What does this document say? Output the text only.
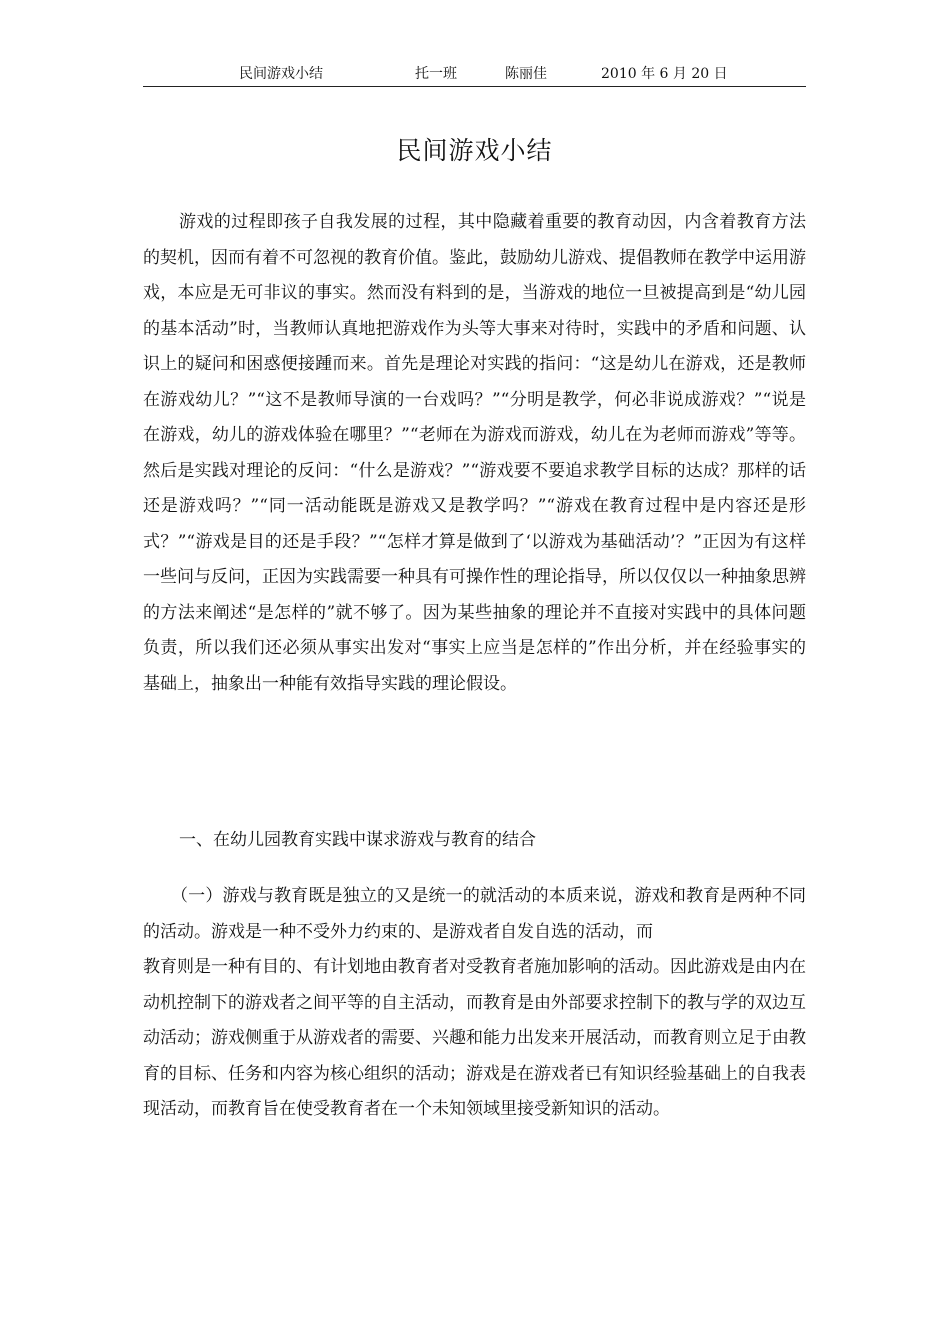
民间游戏小结	托一班	陈丽佳	2010 年 6 月 20 日
民间游戏小结

游戏的过程即孩子自我发展的过程，其中隐藏着重要的教育动因，内含着教育方法的契机，因而有着不可忽视的教育价值。鉴此，鼓励幼儿游戏、提倡教师在教学中运用游戏，本应是无可非议的事实。然而没有料到的是，当游戏的地位一旦被提高到是“幼儿园的基本活动”时，当教师认真地把游戏作为头等大事来对待时，实践中的矛盾和问题、认识上的疑问和困惑便接踵而来。首先是理论对实践的指问：“这是幼儿在游戏，还是教师在游戏幼儿？”“这不是教师导演的一台戏吗？”“分明是教学，何必非说成游戏？”“说是在游戏，幼儿的游戏体验在哪里？”“老师在为游戏而游戏，幼儿在为老师而游戏”等等。然后是实践对理论的反问：“什么是游戏？”“游戏要不要追求教学目标的达成？那样的话还是游戏吗？”“同一活动能既是游戏又是教学吗？”“游戏在教育过程中是内容还是形式？”“游戏是目的还是手段？”“怎样才算是做到了‘以游戏为基础活动’？”正因为有这样一些问与反问，正因为实践需要一种具有可操作性的理论指导，所以仅仅以一种抽象思辨的方法来阐述“是怎样的”就不够了。因为某些抽象的理论并不直接对实践中的具体问题负责，所以我们还必须从事实出发对“事实上应当是怎样的”作出分析，并在经验事实的基础上，抽象出一种能有效指导实践的理论假设。

一、在幼儿园教育实践中谋求游戏与教育的结合

（一）游戏与教育既是独立的又是统一的就活动的本质来说，游戏和教育是两种不同的活动。游戏是一种不受外力约束的、是游戏者自发自选的活动，而
教育则是一种有目的、有计划地由教育者对受教育者施加影响的活动。因此游戏是由内在动机控制下的游戏者之间平等的自主活动，而教育是由外部要求控制下的教与学的双边互动活动；游戏侧重于从游戏者的需要、兴趣和能力出发来开展活动，而教育则立足于由教育的目标、任务和内容为核心组织的活动；游戏是在游戏者已有知识经验基础上的自我表现活动，而教育旨在使受教育者在一个未知领域里接受新知识的活动。
